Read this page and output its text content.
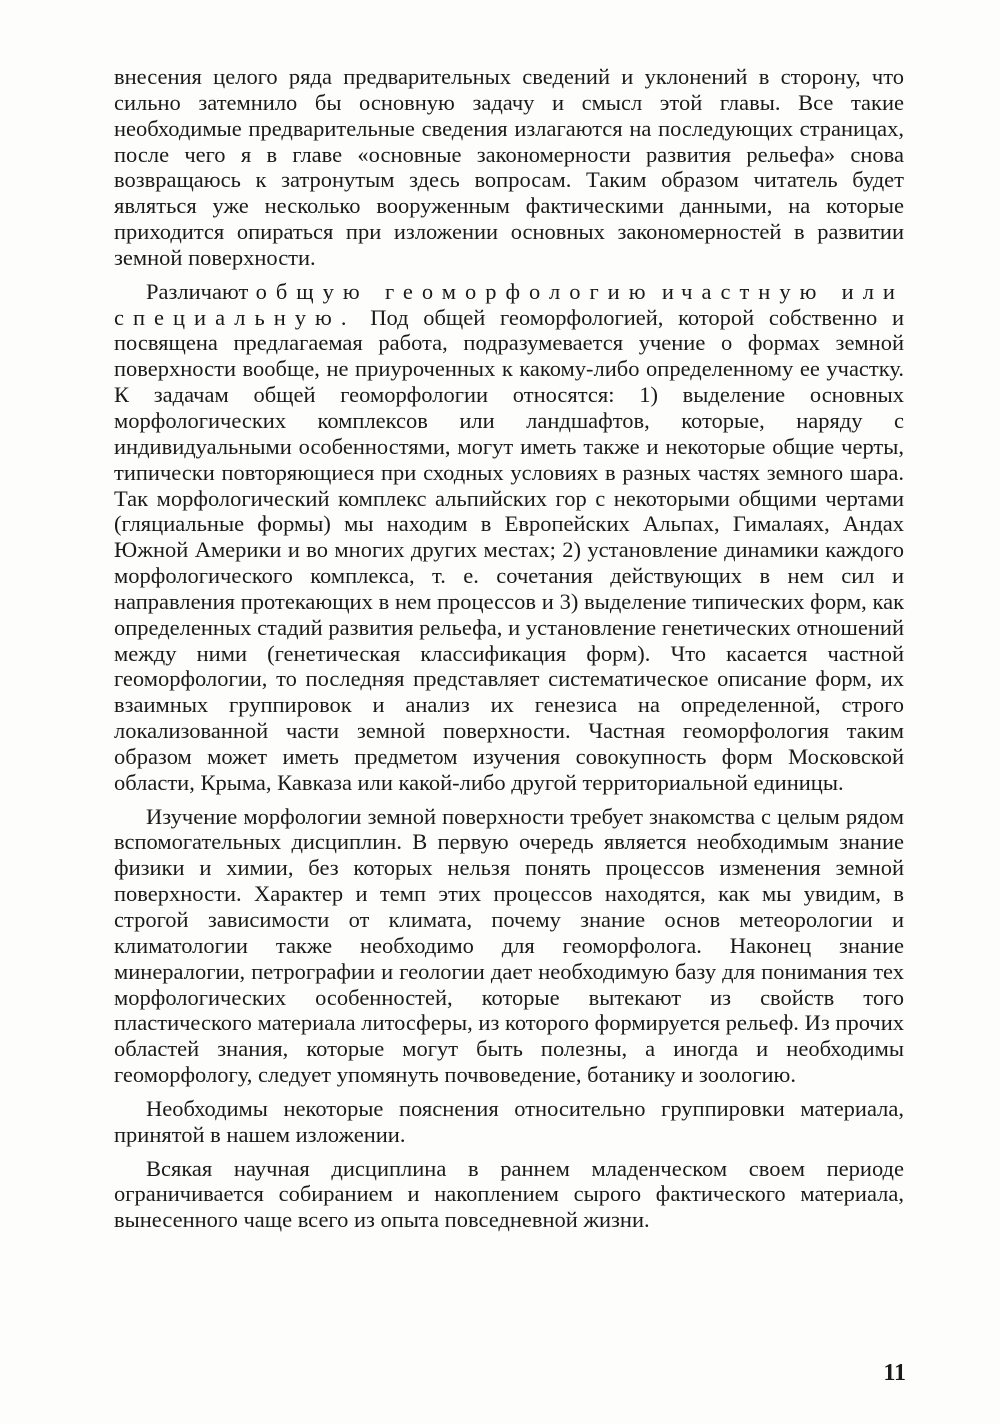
внесения целого ряда предварительных сведений и уклонений в сторону, что сильно затемнило бы основную задачу и смысл этой главы. Все такие необходимые предварительные сведения излагаются на последующих страницах, после чего я в главе «основные закономерности развития рельефа» снова возвращаюсь к затронутым здесь вопросам. Таким образом читатель будет являться уже несколько вооруженным фактическими данными, на которые приходится опираться при изложении основных закономерностей в развитии земной поверхности.

Различают общую геоморфологию и частную или специальную. Под общей геоморфологией, которой собственно и посвящена предлагаемая работа, подразумевается учение о формах земной поверхности вообще, не приуроченных к какому-либо определенному ее участку. К задачам общей геоморфологии относятся: 1) выделение основных морфологических комплексов или ландшафтов, которые, наряду с индивидуальными особенностями, могут иметь также и некоторые общие черты, типически повторяющиеся при сходных условиях в разных частях земного шара. Так морфологический комплекс альпийских гор с некоторыми общими чертами (гляциальные формы) мы находим в Европейских Альпах, Гималаях, Андах Южной Америки и во многих других местах; 2) установление динамики каждого морфологического комплекса, т. е. сочетания действующих в нем сил и направления протекающих в нем процессов и 3) выделение типических форм, как определенных стадий развития рельефа, и установление генетических отношений между ними (генетическая классификация форм). Что касается частной геоморфологии, то последняя представляет систематическое описание форм, их взаимных группировок и анализ их генезиса на определенной, строго локализованной части земной поверхности. Частная геоморфология таким образом может иметь предметом изучения совокупность форм Московской области, Крыма, Кавказа или какой-либо другой территориальной единицы.

Изучение морфологии земной поверхности требует знакомства с целым рядом вспомогательных дисциплин. В первую очередь является необходимым знание физики и химии, без которых нельзя понять процессов изменения земной поверхности. Характер и темп этих процессов находятся, как мы увидим, в строгой зависимости от климата, почему знание основ метеорологии и климатологии также необходимо для геоморфолога. Наконец знание минералогии, петрографии и геологии дает необходимую базу для понимания тех морфологических особенностей, которые вытекают из свойств того пластического материала литосферы, из которого формируется рельеф. Из прочих областей знания, которые могут быть полезны, а иногда и необходимы геоморфологу, следует упомянуть почвоведение, ботанику и зоологию.

Необходимы некоторые пояснения относительно группировки материала, принятой в нашем изложении.

Всякая научная дисциплина в раннем младенческом своем периоде ограничивается собиранием и накоплением сырого фактического материала, вынесенного чаще всего из опыта повседневной жизни.

11
